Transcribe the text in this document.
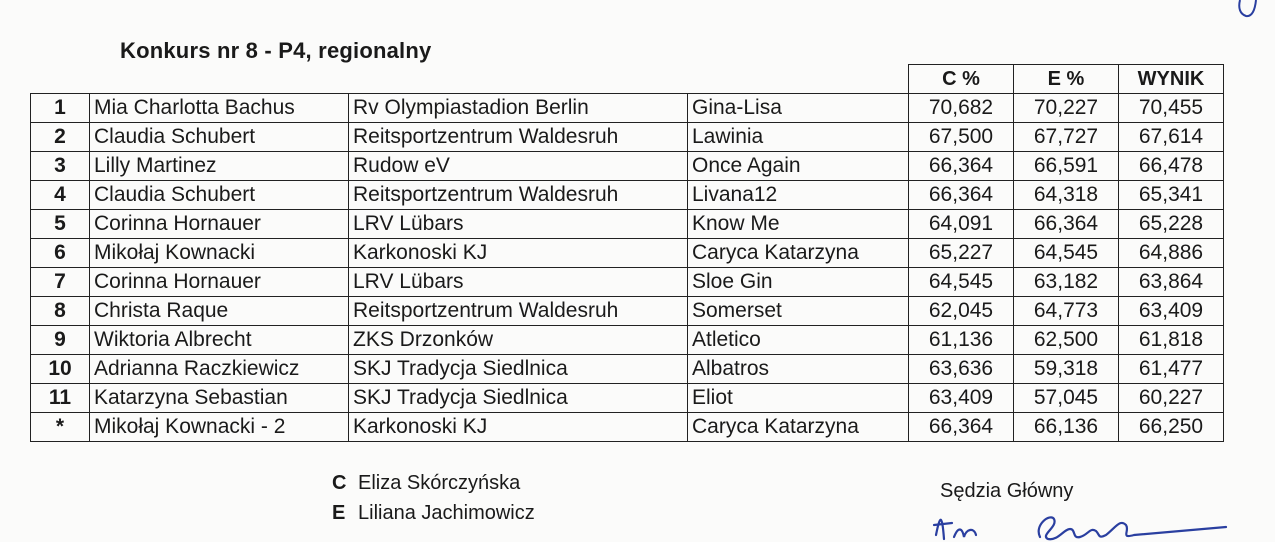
Konkurs nr 8 - P4, regionalny
				C %	E %	WYNIK
1	Mia Charlotta Bachus	Rv Olympiastadion Berlin	Gina-Lisa	70,682	70,227	70,455
2	Claudia Schubert	Reitsportzentrum Waldesruh	Lawinia	67,500	67,727	67,614
3	Lilly Martinez	Rudow eV	Once Again	66,364	66,591	66,478
4	Claudia Schubert	Reitsportzentrum Waldesruh	Livana12	66,364	64,318	65,341
5	Corinna Hornauer	LRV Lübars	Know Me	64,091	66,364	65,228
6	Mikołaj Kownacki	Karkonoski KJ	Caryca Katarzyna	65,227	64,545	64,886
7	Corinna Hornauer	LRV Lübars	Sloe Gin	64,545	63,182	63,864
8	Christa Raque	Reitsportzentrum Waldesruh	Somerset	62,045	64,773	63,409
9	Wiktoria Albrecht	ZKS Drzonków	Atletico	61,136	62,500	61,818
10	Adrianna Raczkiewicz	SKJ Tradycja Siedlnica	Albatros	63,636	59,318	61,477
11	Katarzyna Sebastian	SKJ Tradycja Siedlnica	Eliot	63,409	57,045	60,227
*	Mikołaj Kownacki - 2	Karkonoski KJ	Caryca Katarzyna	66,364	66,136	66,250
C Eliza Skórczyńska
E Liliana Jachimowicz
Sędzia Główny
